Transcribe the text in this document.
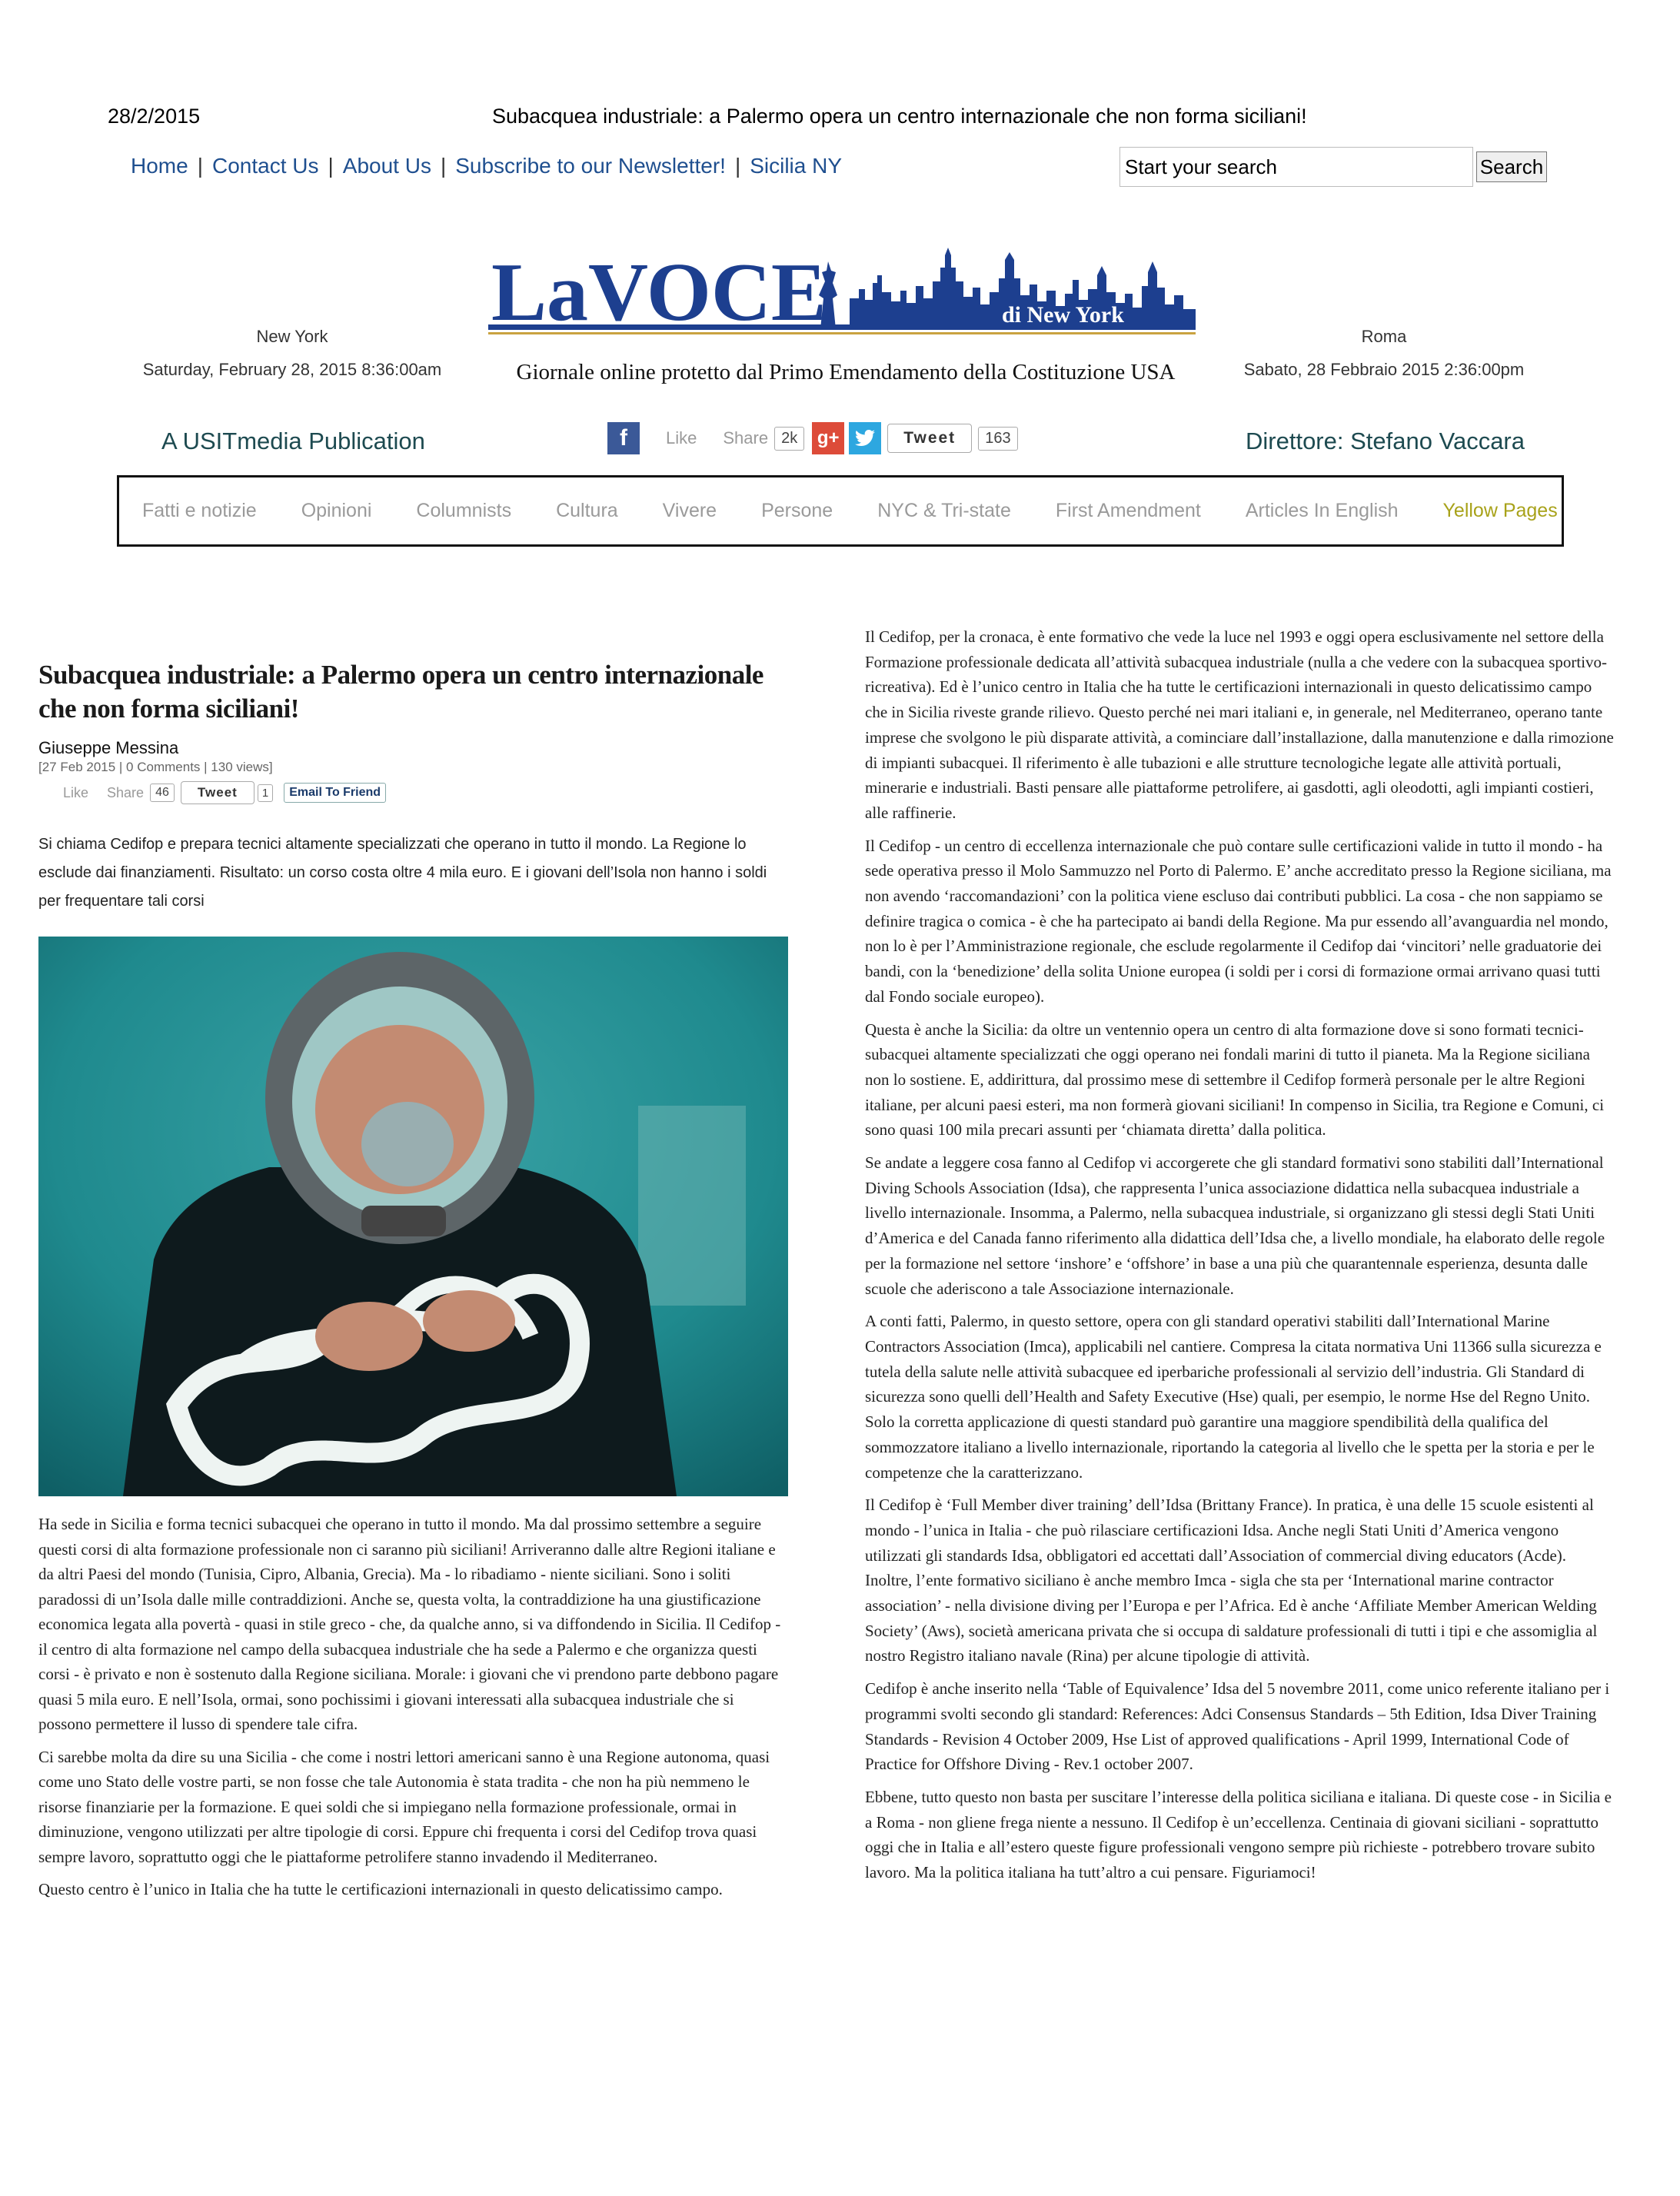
28/2/2015	Subacquea industriale: a Palermo opera un centro internazionale che non forma siciliani!
Home | Contact Us | About Us | Subscribe to our Newsletter! | Sicilia NY
Start your search	Search
LaVOCE	di New York
Giornale online protetto dal Primo Emendamento della Costituzione USA
New York
Saturday, February 28, 2015 8:36:00am
Roma
Sabato, 28 Febbraio 2015 2:36:00pm
A USITmedia Publication	Direttore: Stefano Vaccara
f	Like Share 2k	g+	Tweet	163
Fatti e notizie Opinioni Columnists Cultura Vivere Persone NYC & Tri-state First Amendment Articles In English Yellow Pages
Subacquea industriale: a Palermo opera un centro internazionale che non forma siciliani!
Giuseppe Messina
[27 Feb 2015 | 0 Comments | 130 views]
Like Share 46	Tweet	1	Email To Friend

Si chiama Cedifop e prepara tecnici altamente specializzati che operano in tutto il mondo. La Regione lo esclude dai finanziamenti. Risultato: un corso costa oltre 4 mila euro. E i giovani dell’Isola non hanno i soldi per frequentare tali corsi

Ha sede in Sicilia e forma tecnici subacquei che operano in tutto il mondo. Ma dal prossimo settembre a seguire questi corsi di alta formazione professionale non ci saranno più siciliani! Arriveranno dalle altre Regioni italiane e da altri Paesi del mondo (Tunisia, Cipro, Albania, Grecia). Ma - lo ribadiamo - niente siciliani. Sono i soliti paradossi di un’Isola dalle mille contraddizioni. Anche se, questa volta, la contraddizione ha una giustificazione economica legata alla povertà - quasi in stile greco - che, da qualche anno, si va diffondendo in Sicilia. Il Cedifop - il centro di alta formazione nel campo della subacquea industriale che ha sede a Palermo e che organizza questi corsi - è privato e non è sostenuto dalla Regione siciliana. Morale: i giovani che vi prendono parte debbono pagare quasi 5 mila euro. E nell’Isola, ormai, sono pochissimi i giovani interessati alla subacquea industriale che si possono permettere il lusso di spendere tale cifra.

Ci sarebbe molta da dire su una Sicilia - che come i nostri lettori americani sanno è una Regione autonoma, quasi come uno Stato delle vostre parti, se non fosse che tale Autonomia è stata tradita - che non ha più nemmeno le risorse finanziarie per la formazione. E quei soldi che si impiegano nella formazione professionale, ormai in diminuzione, vengono utilizzati per altre tipologie di corsi. Eppure chi frequenta i corsi del Cedifop trova quasi sempre lavoro, soprattutto oggi che le piattaforme petrolifere stanno invadendo il Mediterraneo.

Questo centro è l’unico in Italia che ha tutte le certificazioni internazionali in questo delicatissimo campo.

Il Cedifop, per la cronaca, è ente formativo che vede la luce nel 1993 e oggi opera esclusivamente nel settore della Formazione professionale dedicata all’attività subacquea industriale (nulla a che vedere con la subacquea sportivo-ricreativa). Ed è l’unico centro in Italia che ha tutte le certificazioni internazionali in questo delicatissimo campo che in Sicilia riveste grande rilievo. Questo perché nei mari italiani e, in generale, nel Mediterraneo, operano tante imprese che svolgono le più disparate attività, a cominciare dall’installazione, dalla manutenzione e dalla rimozione di impianti subacquei. Il riferimento è alle tubazioni e alle strutture tecnologiche legate alle attività portuali, minerarie e industriali. Basti pensare alle piattaforme petrolifere, ai gasdotti, agli oleodotti, agli impianti costieri, alle raffinerie.

Il Cedifop - un centro di eccellenza internazionale che può contare sulle certificazioni valide in tutto il mondo - ha sede operativa presso il Molo Sammuzzo nel Porto di Palermo. E’ anche accreditato presso la Regione siciliana, ma non avendo ‘raccomandazioni’ con la politica viene escluso dai contributi pubblici. La cosa - che non sappiamo se definire tragica o comica - è che ha partecipato ai bandi della Regione. Ma pur essendo all’avanguardia nel mondo, non lo è per l’Amministrazione regionale, che esclude regolarmente il Cedifop dai ‘vincitori’ nelle graduatorie dei bandi, con la ‘benedizione’ della solita Unione europea (i soldi per i corsi di formazione ormai arrivano quasi tutti dal Fondo sociale europeo).

Questa è anche la Sicilia: da oltre un ventennio opera un centro di alta formazione dove si sono formati tecnici-subacquei altamente specializzati che oggi operano nei fondali marini di tutto il pianeta. Ma la Regione siciliana non lo sostiene. E, addirittura, dal prossimo mese di settembre il Cedifop formerà personale per le altre Regioni italiane, per alcuni paesi esteri, ma non formerà giovani siciliani! In compenso in Sicilia, tra Regione e Comuni, ci sono quasi 100 mila precari assunti per ‘chiamata diretta’ dalla politica.

Se andate a leggere cosa fanno al Cedifop vi accorgerete che gli standard formativi sono stabiliti dall’International Diving Schools Association (Idsa), che rappresenta l’unica associazione didattica nella subacquea industriale a livello internazionale. Insomma, a Palermo, nella subacquea industriale, si organizzano gli stessi degli Stati Uniti d’America e del Canada fanno riferimento alla didattica dell’Idsa che, a livello mondiale, ha elaborato delle regole per la formazione nel settore ‘inshore’ e ‘offshore’ in base a una più che quarantennale esperienza, desunta dalle scuole che aderiscono a tale Associazione internazionale.

A conti fatti, Palermo, in questo settore, opera con gli standard operativi stabiliti dall’International Marine Contractors Association (Imca), applicabili nel cantiere. Compresa la citata normativa Uni 11366 sulla sicurezza e tutela della salute nelle attività subacquee ed iperbariche professionali al servizio dell’industria. Gli Standard di sicurezza sono quelli dell’Health and Safety Executive (Hse) quali, per esempio, le norme Hse del Regno Unito. Solo la corretta applicazione di questi standard può garantire una maggiore spendibilità della qualifica del sommozzatore italiano a livello internazionale, riportando la categoria al livello che le spetta per la storia e per le competenze che la caratterizzano.

Il Cedifop è ‘Full Member diver training’ dell’Idsa (Brittany France). In pratica, è una delle 15 scuole esistenti al mondo - l’unica in Italia - che può rilasciare certificazioni Idsa. Anche negli Stati Uniti d’America vengono utilizzati gli standards Idsa, obbligatori ed accettati dall’Association of commercial diving educators (Acde). Inoltre, l’ente formativo siciliano è anche membro Imca - sigla che sta per ‘International marine contractor association’ - nella divisione diving per l’Europa e per l’Africa. Ed è anche ‘Affiliate Member American Welding Society’ (Aws), società americana privata che si occupa di saldature professionali di tutti i tipi e che assomiglia al nostro Registro italiano navale (Rina) per alcune tipologie di attività.

Cedifop è anche inserito nella ‘Table of Equivalence’ Idsa del 5 novembre 2011, come unico referente italiano per i programmi svolti secondo gli standard: References: Adci Consensus Standards – 5th Edition, Idsa Diver Training Standards - Revision 4 October 2009, Hse List of approved qualifications - April 1999, International Code of Practice for Offshore Diving - Rev.1 october 2007.

Ebbene, tutto questo non basta per suscitare l’interesse della politica siciliana e italiana. Di queste cose - in Sicilia e a Roma - non gliene frega niente a nessuno. Il Cedifop è un’eccellenza. Centinaia di giovani siciliani - soprattutto oggi che in Italia e all’estero queste figure professionali vengono sempre più richieste - potrebbero trovare subito lavoro. Ma la politica italiana ha tutt’altro a cui pensare. Figuriamoci!
